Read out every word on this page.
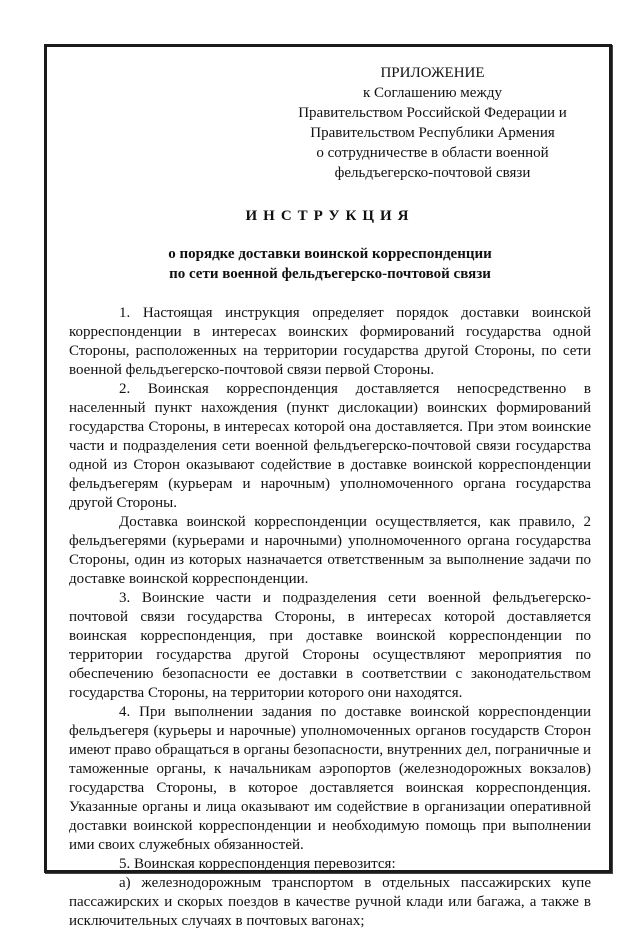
ПРИЛОЖЕНИЕ
к Соглашению между
Правительством Российской Федерации и
Правительством Республики Армения
о сотрудничестве в области военной
фельдъегерско-почтовой связи
ИНСТРУКЦИЯ
о порядке доставки воинской корреспонденции
по сети военной фельдъегерско-почтовой связи

1. Настоящая инструкция определяет порядок доставки воинской корреспонденции в интересах воинских формирований государства одной Стороны, расположенных на территории государства другой Стороны, по сети военной фельдъегерско-почтовой связи первой Стороны.

2. Воинская корреспонденция доставляется непосредственно в населенный пункт нахождения (пункт дислокации) воинских формирований государства Стороны, в интересах которой она доставляется. При этом воинские части и подразделения сети военной фельдъегерско-почтовой связи государства одной из Сторон оказывают содействие в доставке воинской корреспонденции фельдъегерям (курьерам и нарочным) уполномоченного органа государства другой Стороны.

Доставка воинской корреспонденции осуществляется, как правило, 2 фельдъегерями (курьерами и нарочными) уполномоченного органа государства Стороны, один из которых назначается ответственным за выполнение задачи по доставке воинской корреспонденции.

3. Воинские части и подразделения сети военной фельдъегерско-почтовой связи государства Стороны, в интересах которой доставляется воинская корреспонденция, при доставке воинской корреспонденции по территории государства другой Стороны осуществляют мероприятия по обеспечению безопасности ее доставки в соответствии с законодательством государства Стороны, на территории которого они находятся.

4. При выполнении задания по доставке воинской корреспонденции фельдъегеря (курьеры и нарочные) уполномоченных органов государств Сторон имеют право обращаться в органы безопасности, внутренних дел, пограничные и таможенные органы, к начальникам аэропортов (железнодорожных вокзалов) государства Стороны, в которое доставляется воинская корреспонденция. Указанные органы и лица оказывают им содействие в организации оперативной доставки воинской корреспонденции и необходимую помощь при выполнении ими своих служебных обязанностей.

5. Воинская корреспонденция перевозится:

а) железнодорожным транспортом в отдельных пассажирских купе пассажирских и скорых поездов в качестве ручной клади или багажа, а также в исключительных случаях в почтовых вагонах;
